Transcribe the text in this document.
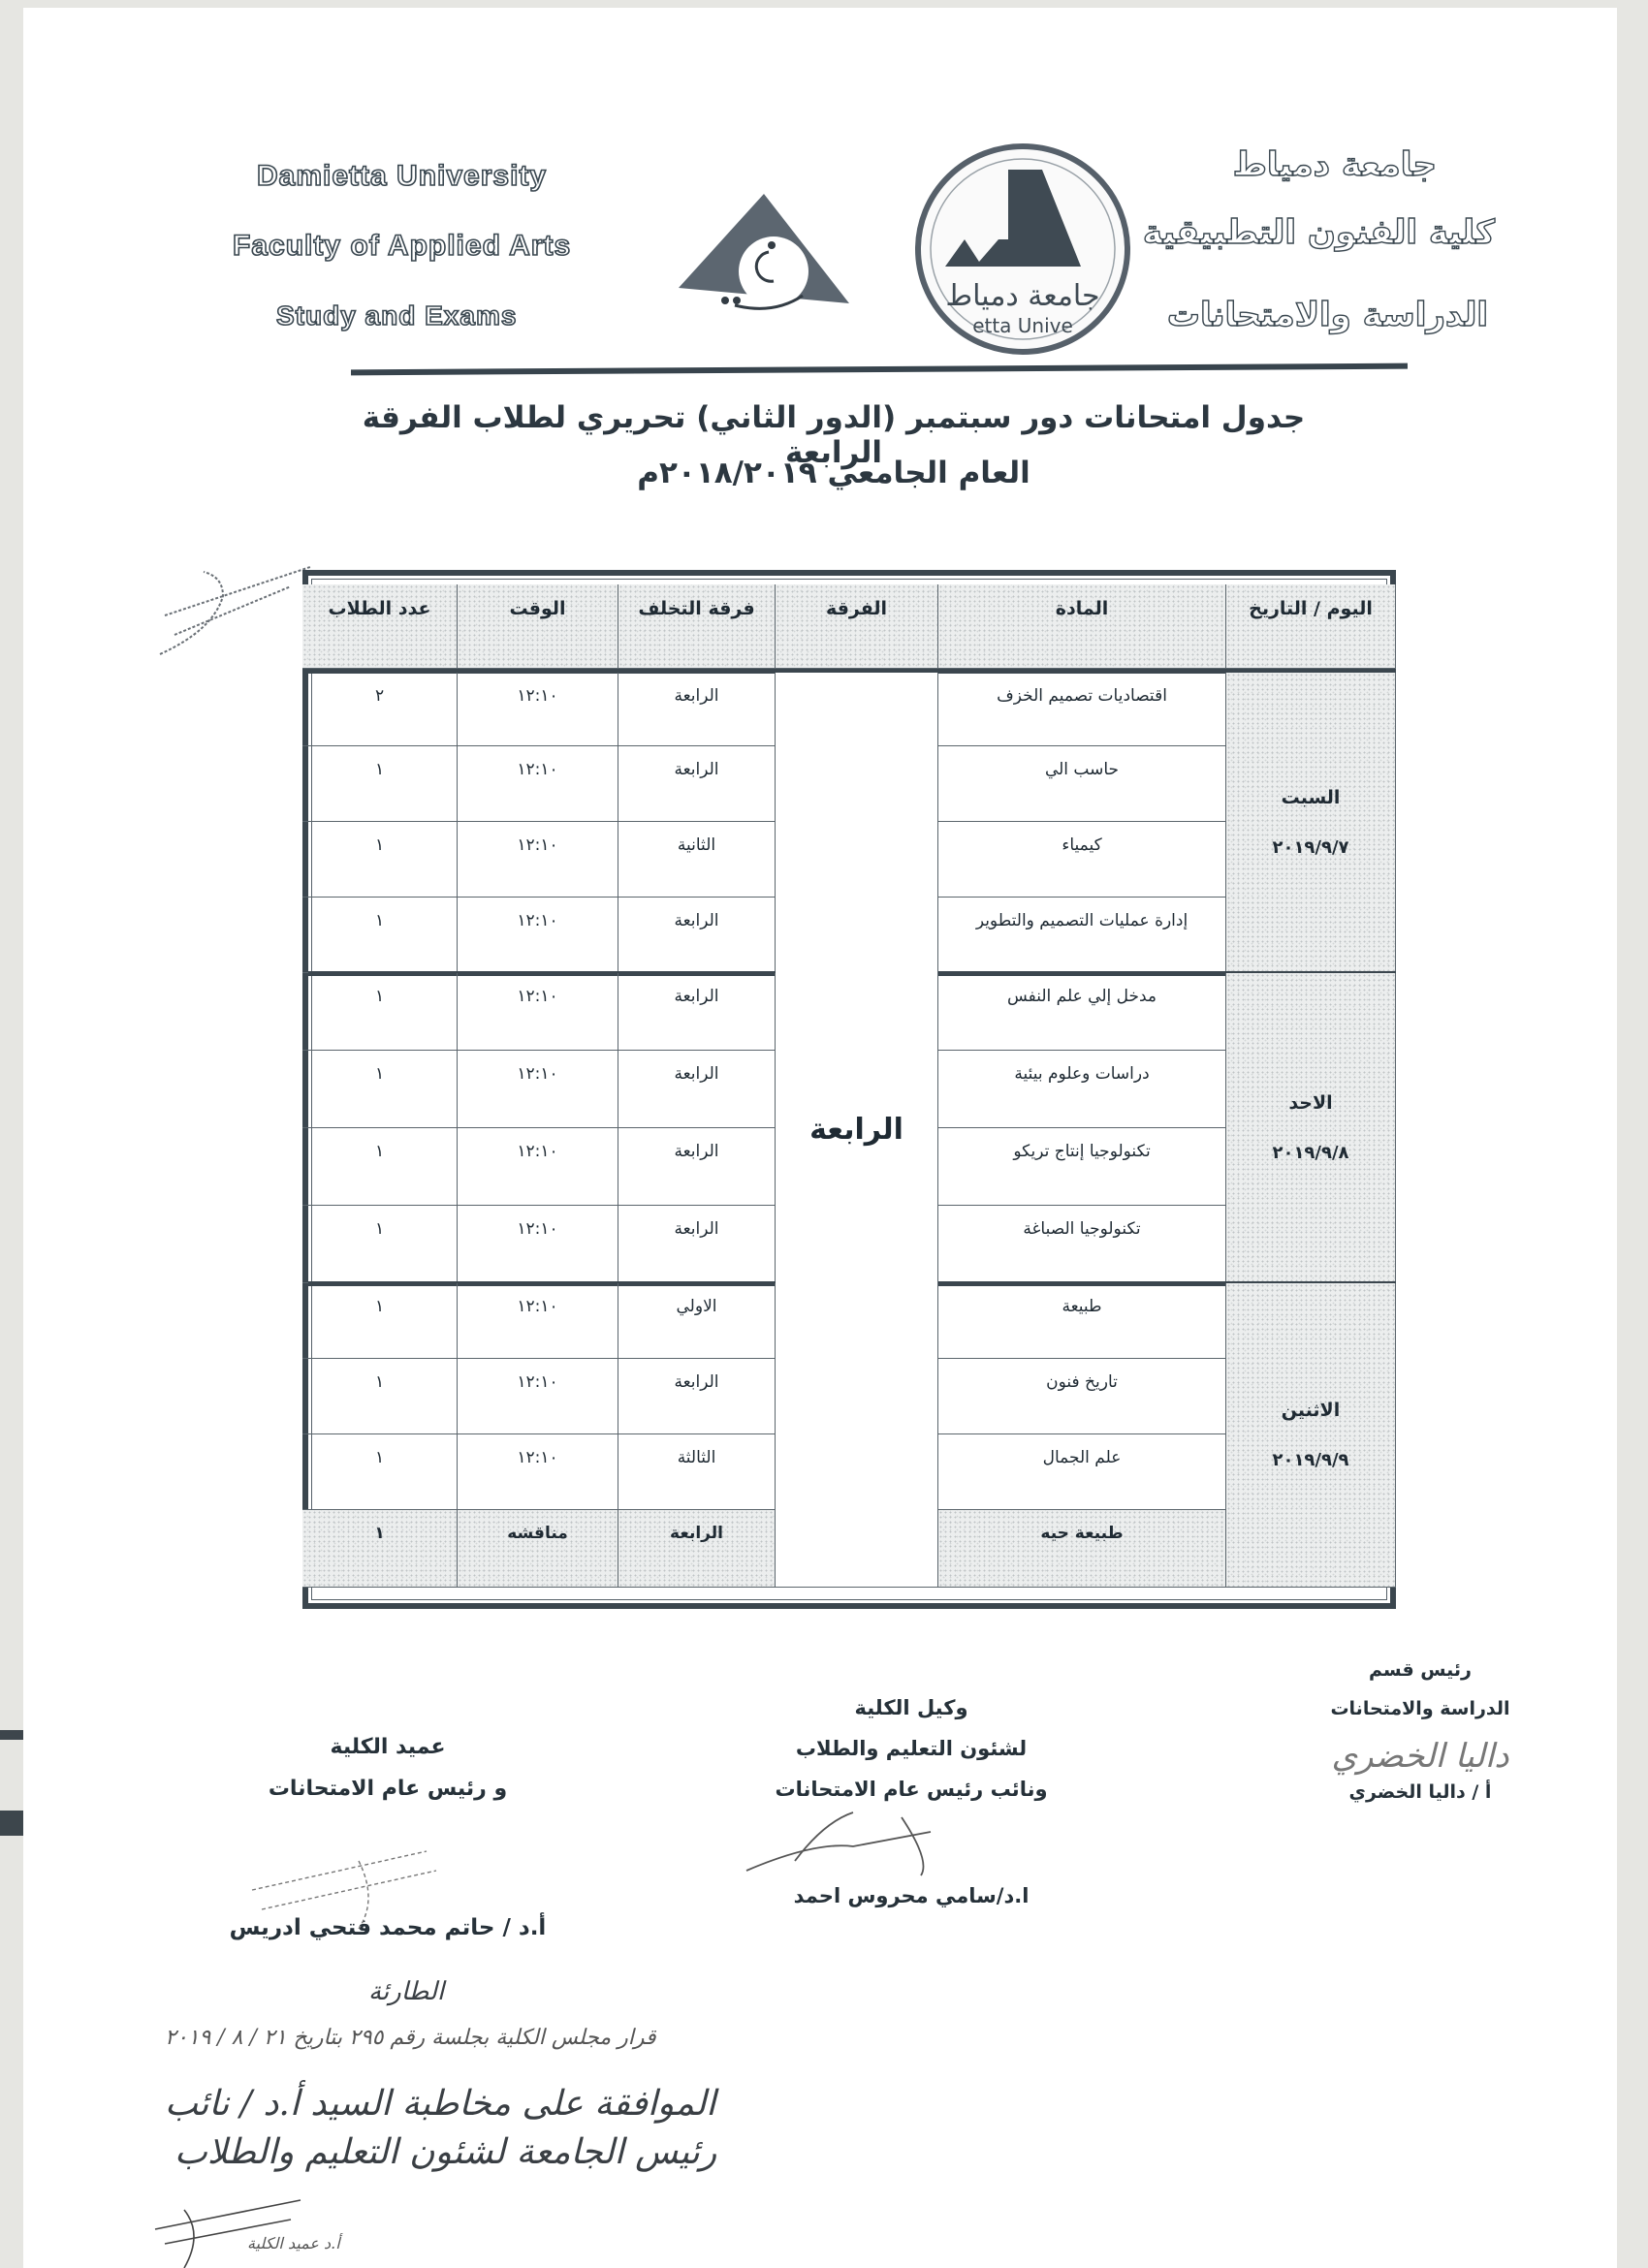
Damietta University
Faculty of Applied Arts
Study and Exams
جامعة دمياط
كلية الفنون التطبيقية
الدراسة والامتحانات
جامعة دمياط
etta Unive
جدول امتحانات دور سبتمبر (الدور الثاني) تحريري لطلاب الفرقة الرابعة
العام الجامعي ٢٠١٨/٢٠١٩م
عدد الطلاب	الوقت	فرقة التخلف	الفرقة	المادة	اليوم / التاريخ
٢	١٢:١٠	الرابعة	اقتصاديات تصميم الخزف
١	١٢:١٠	الرابعة	حاسب الي
١	١٢:١٠	الثانية	كيمياء
١	١٢:١٠	الرابعة	إدارة عمليات التصميم والتطوير
السبت
٢٠١٩/٩/٧
١	١٢:١٠	الرابعة	مدخل إلي علم النفس
١	١٢:١٠	الرابعة	دراسات وعلوم بيئية
١	١٢:١٠	الرابعة	تكنولوجيا إنتاج تريكو
١	١٢:١٠	الرابعة	تكنولوجيا الصباغة
الاحد
٢٠١٩/٩/٨
١	١٢:١٠	الاولي	طبيعة
١	١٢:١٠	الرابعة	تاريخ فنون
١	١٢:١٠	الثالثة	علم الجمال
١	مناقشه	الرابعة	طبيعة حيه
الاثنين
٢٠١٩/٩/٩
الرابعة
رئيس قسم
الدراسة والامتحانات
داليا الخضري
أ / داليا الخضري
وكيل الكلية
لشئون التعليم والطلاب
ونائب رئيس عام الامتحانات
ا.د/سامي محروس احمد
عميد الكلية
و رئيس عام الامتحانات
أ.د / حاتم محمد فتحي ادريس
الطارئة
قرار مجلس الكلية بجلسة رقم ٢٩٥ بتاريخ ٢١ / ٨ / ٢٠١٩
الموافقة على مخاطبة السيد أ.د / نائب
رئيس الجامعة لشئون التعليم والطلاب
أ.د عميد الكلية
